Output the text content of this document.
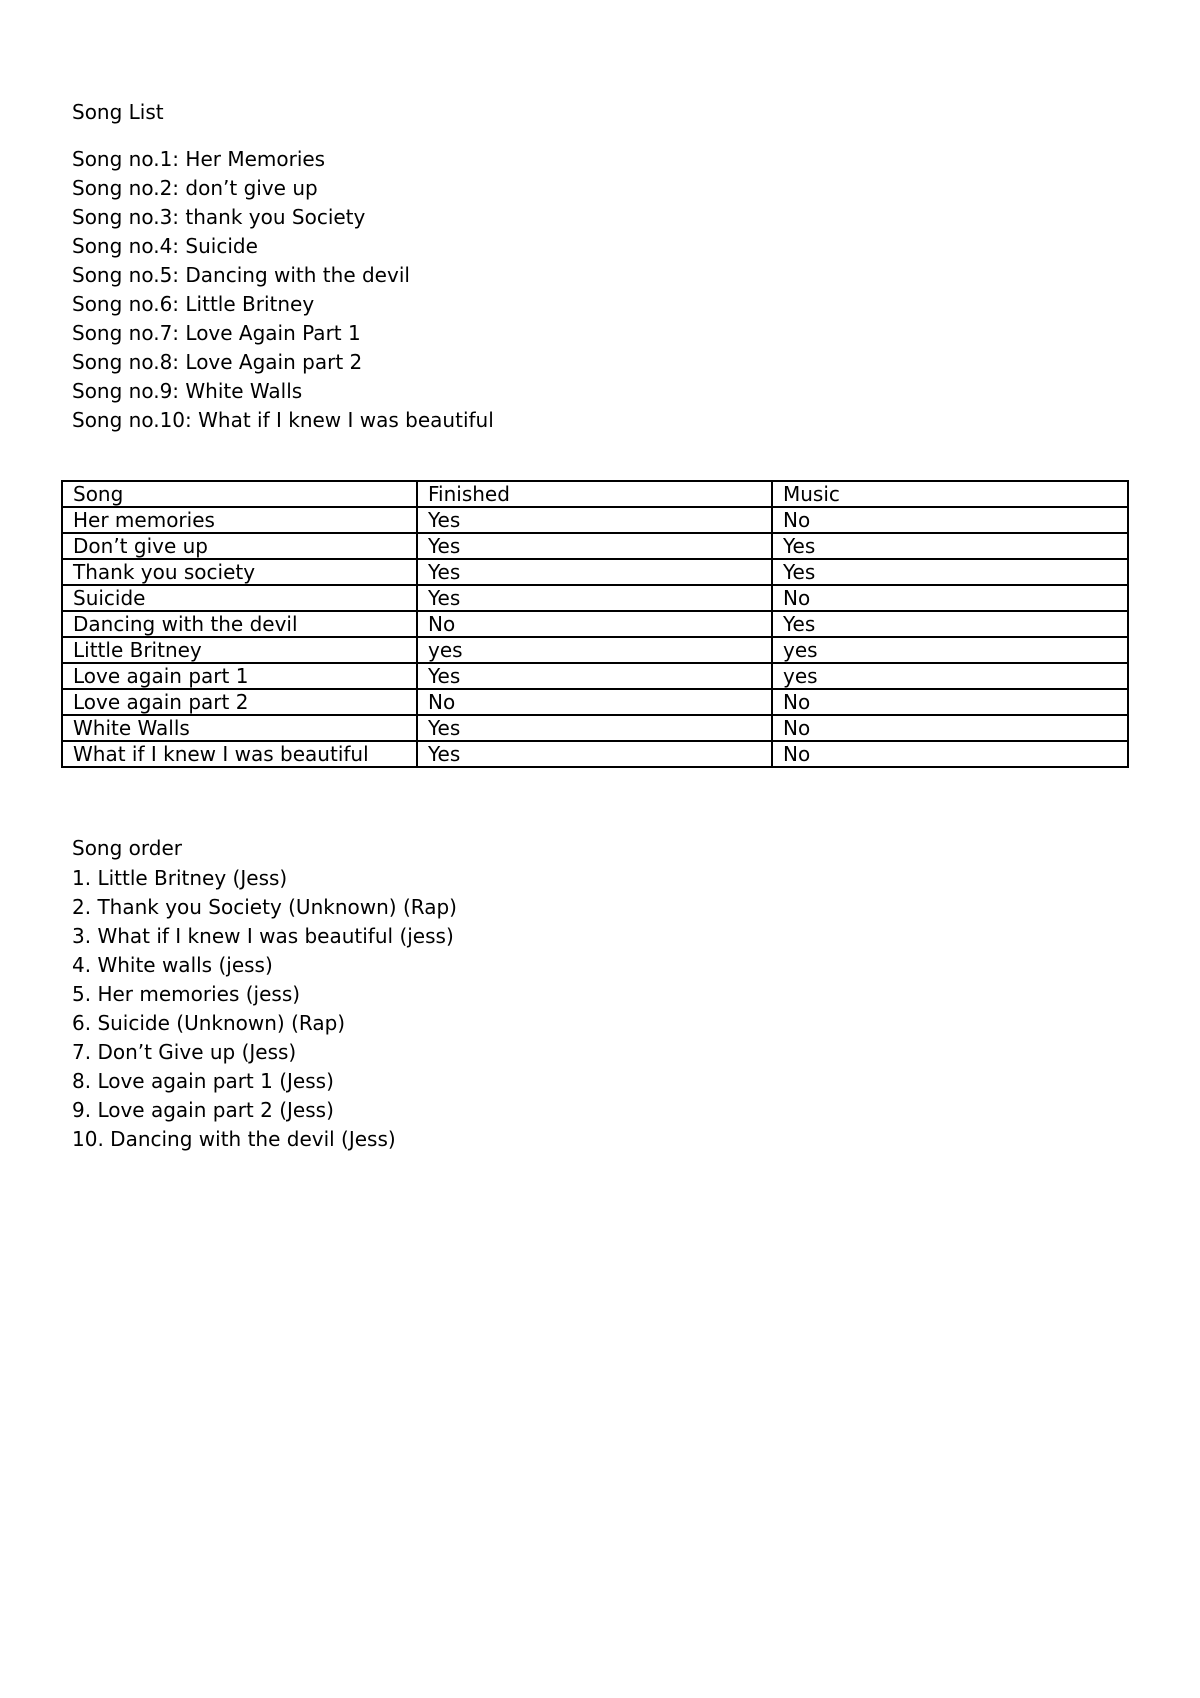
Song List
Song no.1: Her Memories
Song no.2: don’t give up
Song no.3: thank you Society
Song no.4: Suicide
Song no.5: Dancing with the devil
Song no.6: Little Britney
Song no.7: Love Again Part 1
Song no.8: Love Again part 2
Song no.9: White Walls
Song no.10: What if I knew I was beautiful
Song	Finished	Music
Her memories	Yes	No
Don’t give up	Yes	Yes
Thank you society	Yes	Yes
Suicide	Yes	No
Dancing with the devil	No	Yes
Little Britney	yes	yes
Love again part 1	Yes	yes
Love again part 2	No	No
White Walls	Yes	No
What if I knew I was beautiful	Yes	No
Song order
1. Little Britney (Jess)
2. Thank you Society (Unknown) (Rap)
3. What if I knew I was beautiful (jess)
4. White walls (jess)
5. Her memories (jess)
6. Suicide (Unknown) (Rap)
7. Don’t Give up (Jess)
8. Love again part 1 (Jess)
9. Love again part 2 (Jess)
10. Dancing with the devil (Jess)
